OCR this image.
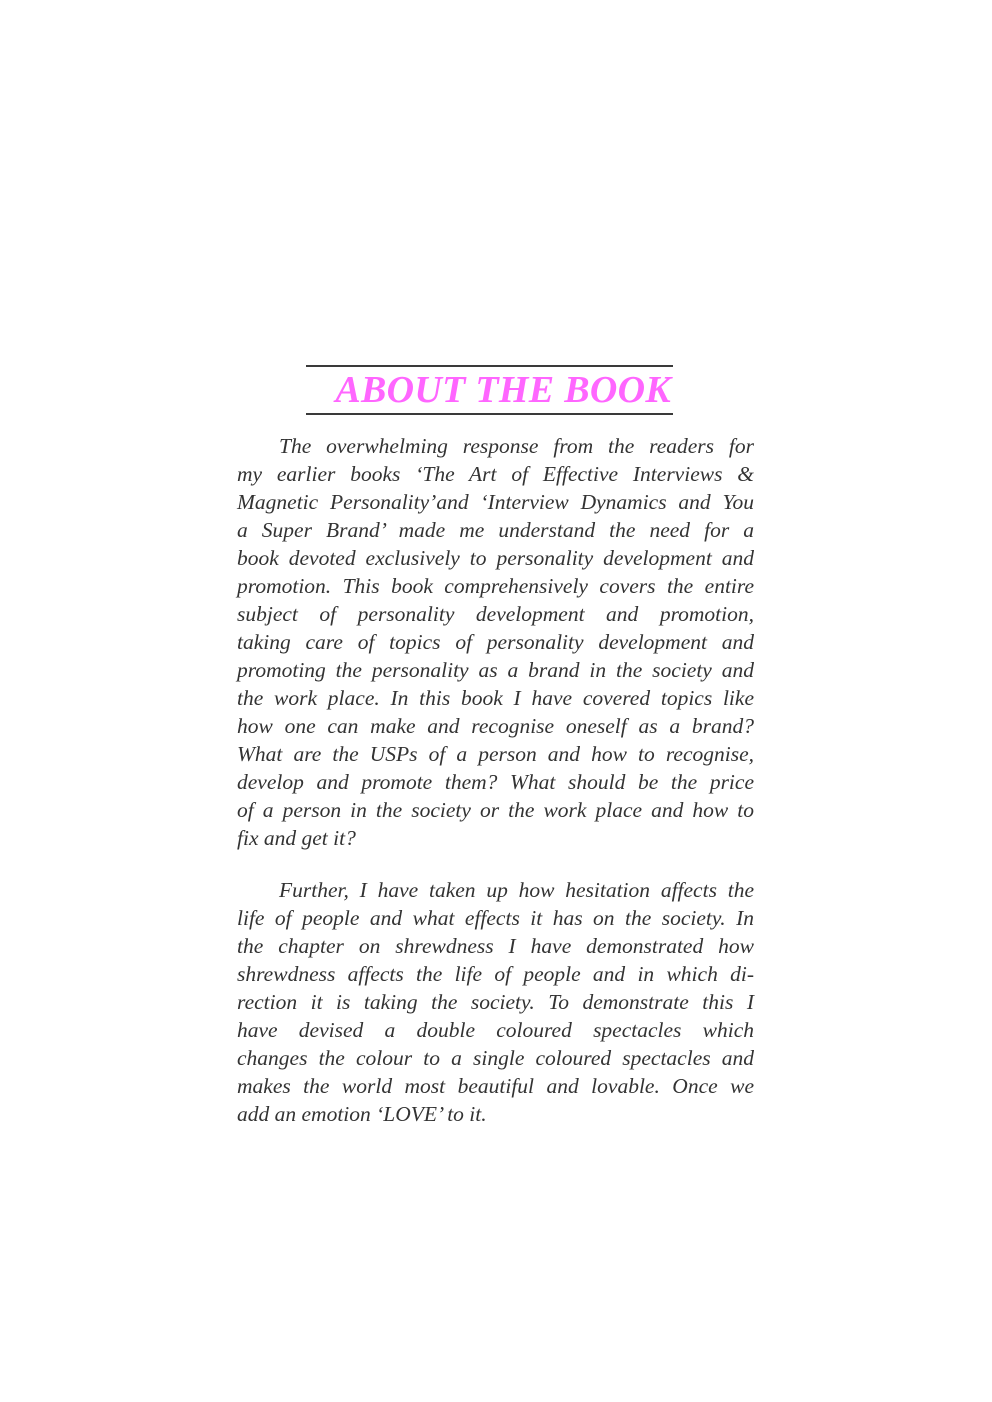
ABOUT THE BOOK

The overwhelming response from the readers for
my earlier books ‘The Art of Effective Interviews &
Magnetic Personality’and ‘Interview Dynamics and You
a Super Brand’ made me understand the need for a
book devoted exclusively to personality development and
promotion. This book comprehensively covers the entire
subject of personality development and promotion,
taking care of topics of personality development and
promoting the personality as a brand in the society and
the work place. In this book I have covered topics like
how one can make and recognise oneself as a brand?
What are the USPs of a person and how to recognise,
develop and promote them? What should be the price
of a person in the society or the work place and how to
fix and get it?

Further, I have taken up how hesitation affects the
life of people and what effects it has on the society. In
the chapter on shrewdness I have demonstrated how
shrewdness affects the life of people and in which di-
rection it is taking the society. To demonstrate this I
have devised a double coloured spectacles which
changes the colour to a single coloured spectacles and
makes the world most beautiful and lovable. Once we
add an emotion ‘LOVE’ to it.
